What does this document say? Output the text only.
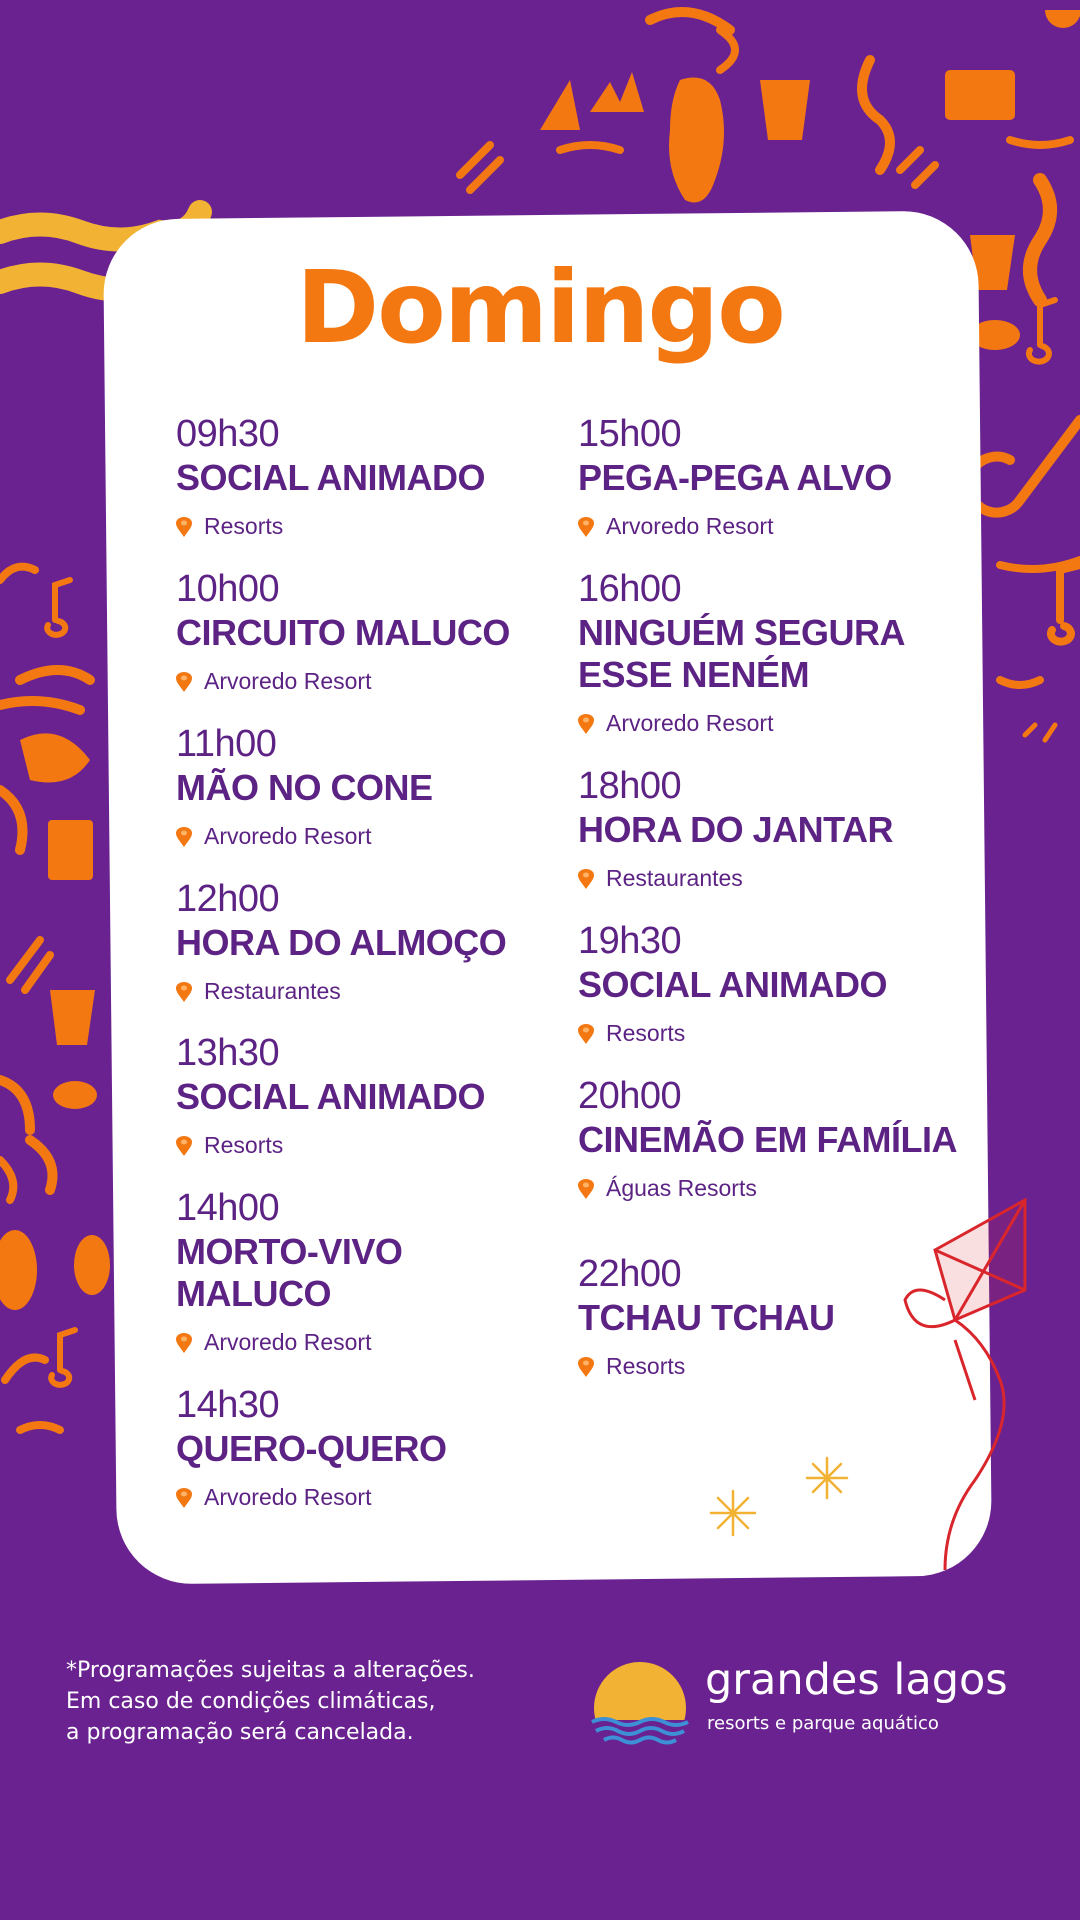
Domingo
09h30
SOCIAL ANIMADO
Resorts
10h00
CIRCUITO MALUCO
Arvoredo Resort
11h00
MÃO NO CONE
Arvoredo Resort
12h00
HORA DO ALMOÇO
Restaurantes
13h30
SOCIAL ANIMADO
Resorts
14h00
MORTO-VIVO MALUCO
Arvoredo Resort
14h30
QUERO-QUERO
Arvoredo Resort
15h00
PEGA-PEGA ALVO
Arvoredo Resort
16h00
NINGUÉM SEGURA ESSE NENÉM
Arvoredo Resort
18h00
HORA DO JANTAR
Restaurantes
19h30
SOCIAL ANIMADO
Resorts
20h00
CINEMÃO EM FAMÍLIA
Águas Resorts
22h00
TCHAU TCHAU
Resorts
*Programações sujeitas a alterações.
Em caso de condições climáticas,
a programação será cancelada.
grandes lagos
resorts e parque aquático
